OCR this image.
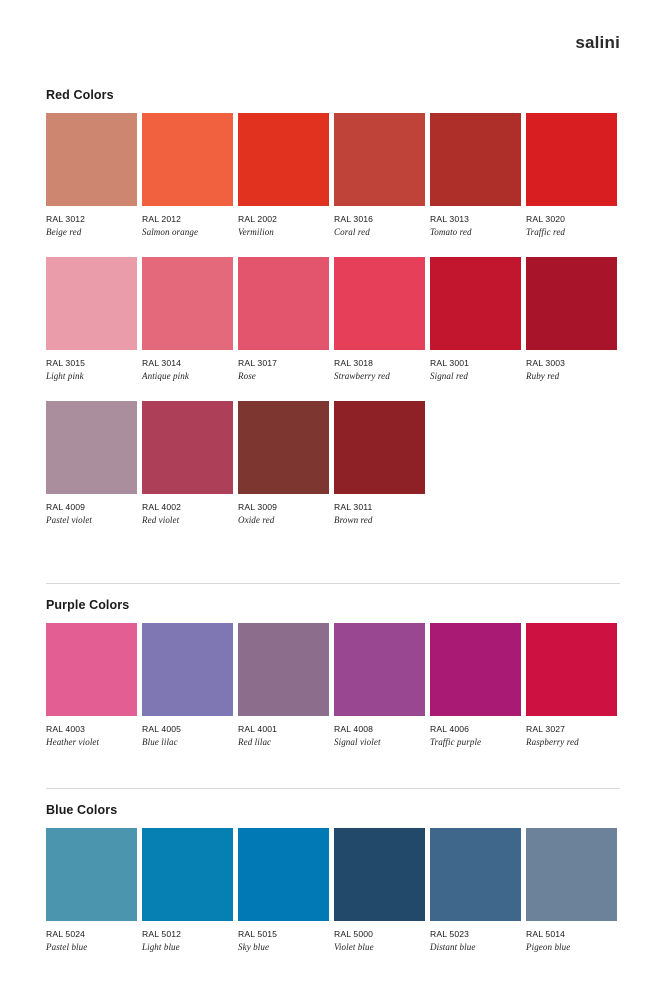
salini
Red Colors
RAL 3012
Beige red
RAL 2012
Salmon orange
RAL 2002
Vermilion
RAL 3016
Coral red
RAL 3013
Tomato red
RAL 3020
Traffic red
RAL 3015
Light pink
RAL 3014
Antique pink
RAL 3017
Rose
RAL 3018
Strawberry red
RAL 3001
Signal red
RAL 3003
Ruby red
RAL 4009
Pastel violet
RAL 4002
Red violet
RAL 3009
Oxide red
RAL 3011
Brown red
Purple Colors
RAL 4003
Heather violet
RAL 4005
Blue lilac
RAL 4001
Red lilac
RAL 4008
Signal violet
RAL 4006
Traffic purple
RAL 3027
Raspberry red
Blue Colors
RAL 5024
Pastel blue
RAL 5012
Light blue
RAL 5015
Sky blue
RAL 5000
Violet blue
RAL 5023
Distant blue
RAL 5014
Pigeon blue
